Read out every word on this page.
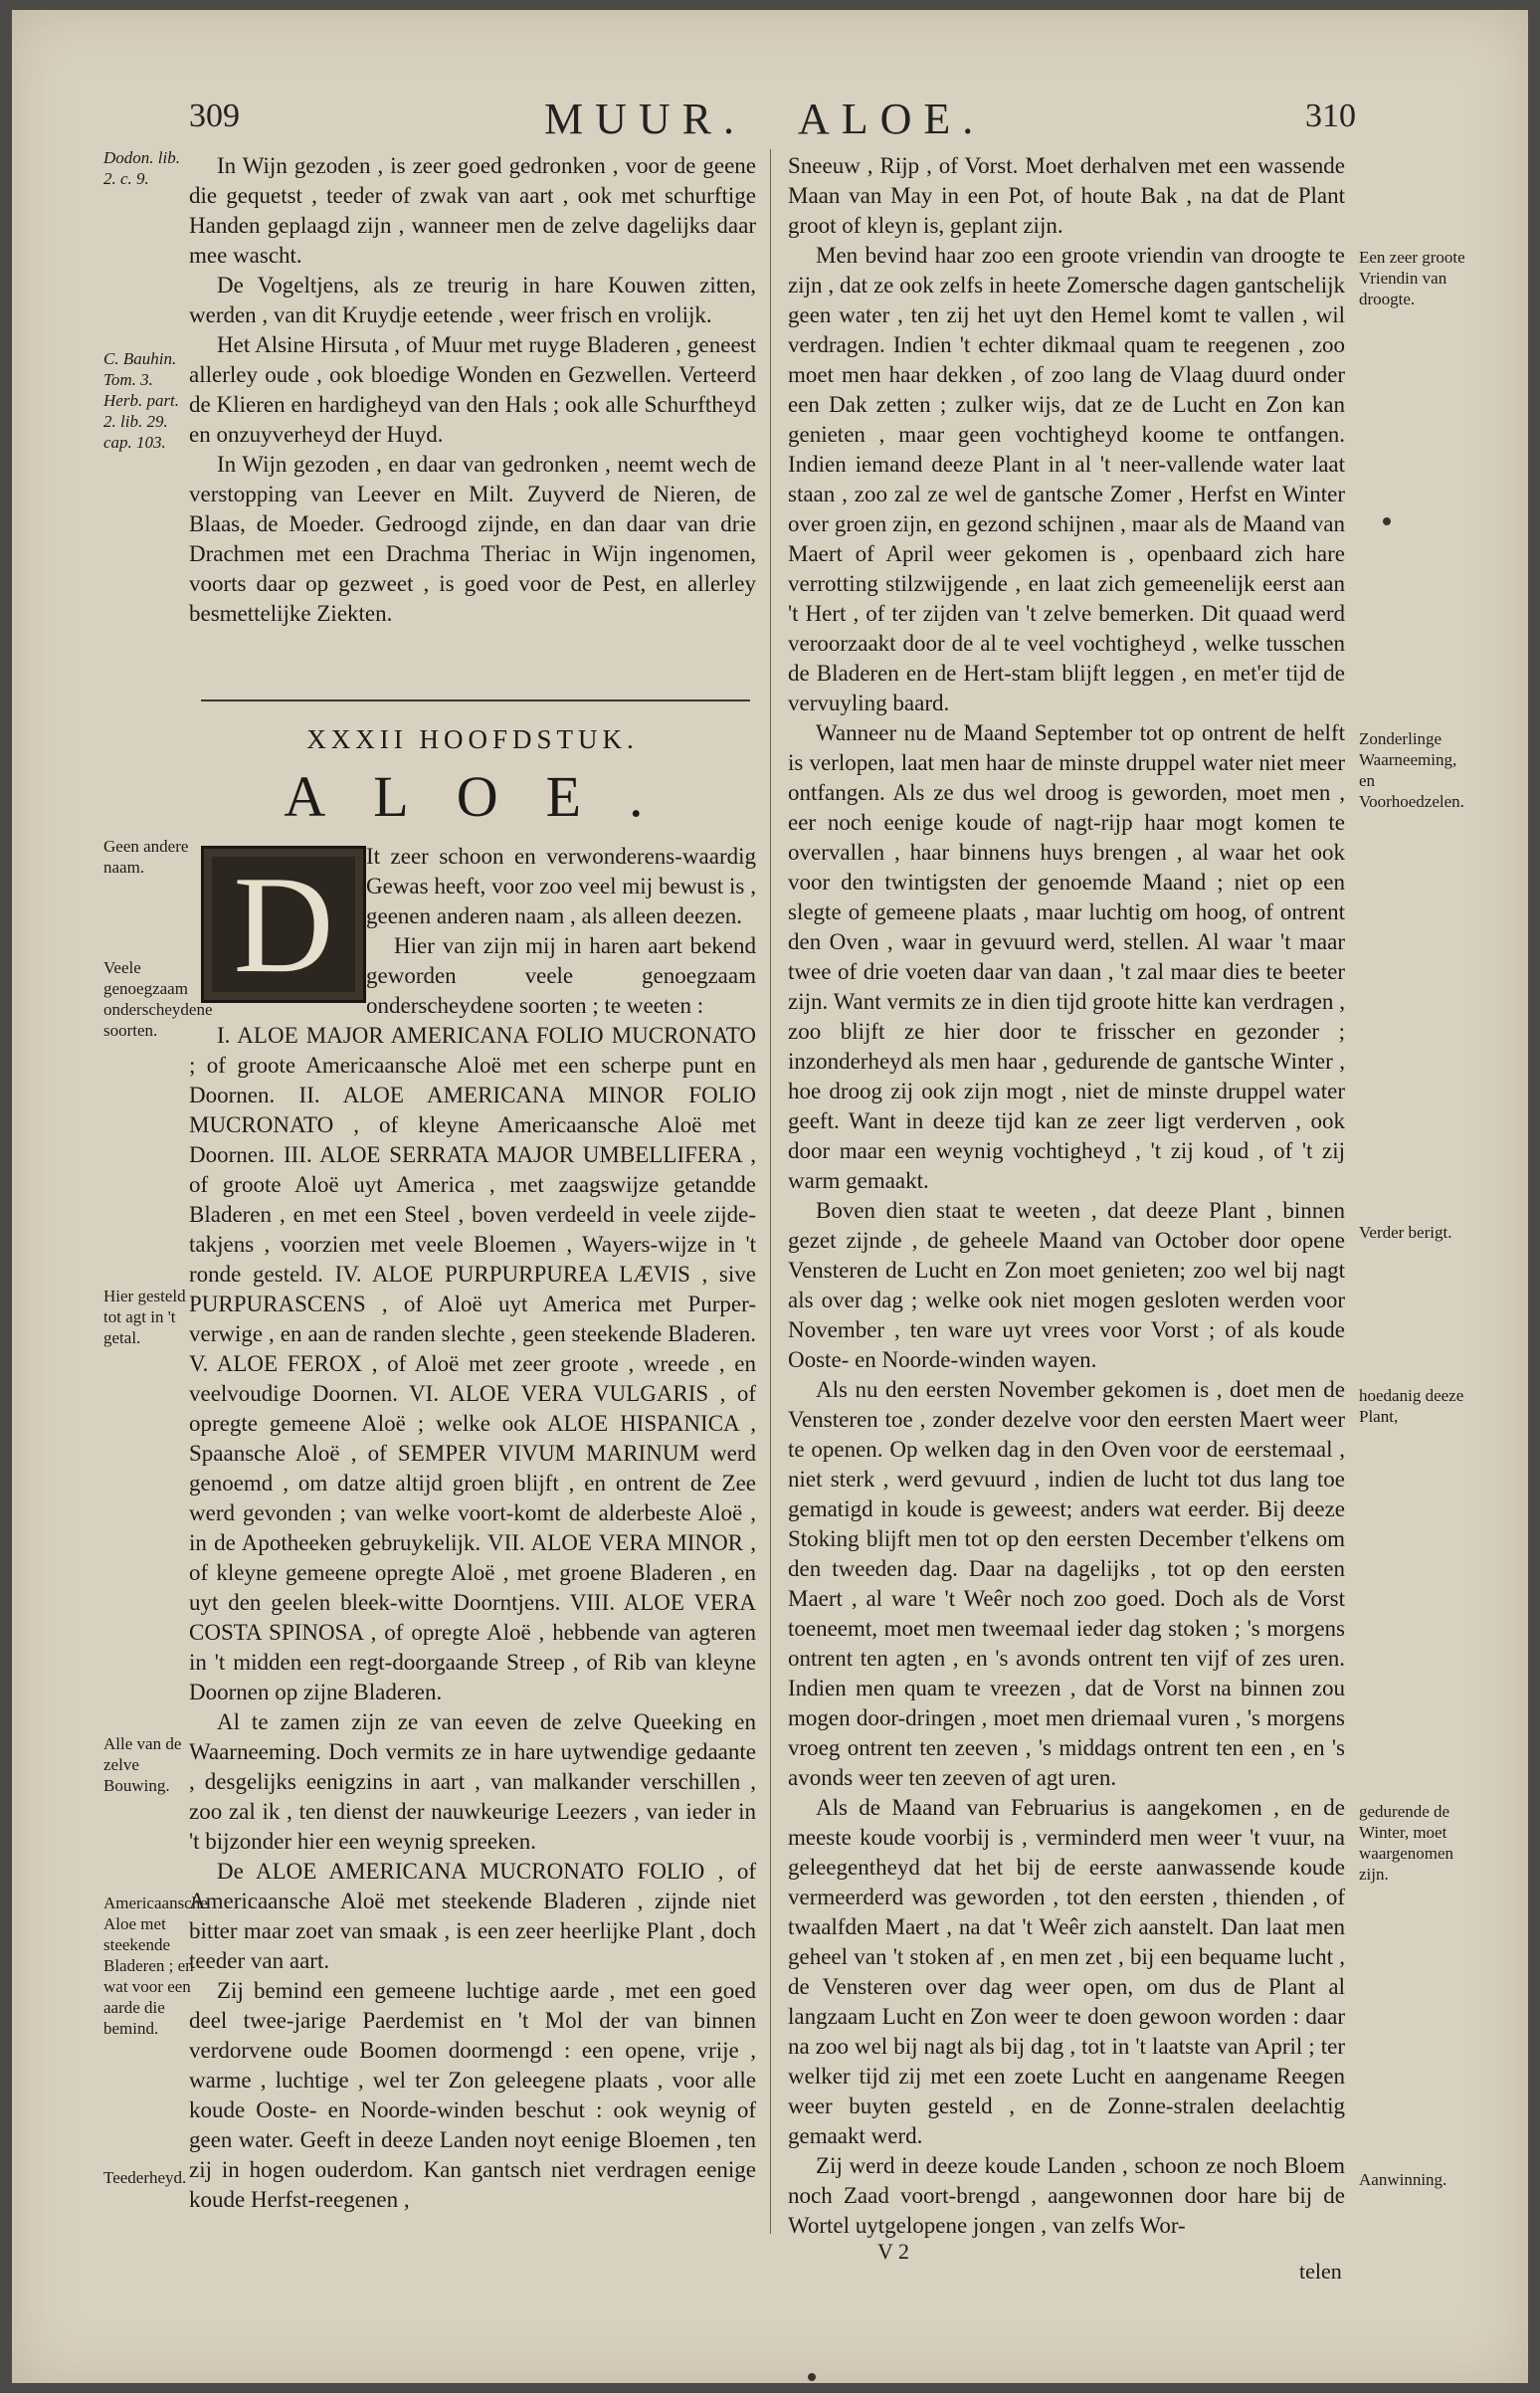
309	MUUR. ALOE.	310

In Wijn gezoden , is zeer goed gedronken , voor de geene die gequetst , teeder of zwak van aart , ook met schurftige Handen geplaagd zijn , wanneer men de zelve dagelijks daar mee wascht.

De Vogeltjens, als ze treurig in hare Kouwen zitten, werden , van dit Kruydje eetende , weer frisch en vrolijk.

Het Alsine Hirsuta , of Muur met ruyge Bladeren , geneest allerley oude , ook bloedige Wonden en Gezwellen. Verteerd de Klieren en hardigheyd van den Hals ; ook alle Schurftheyd en onzuyverheyd der Huyd.

In Wijn gezoden , en daar van gedronken , neemt wech de verstopping van Leever en Milt. Zuyverd de Nieren, de Blaas, de Moeder. Gedroogd zijnde, en dan daar van drie Drachmen met een Drachma Theriac in Wijn ingenomen, voorts daar op gezweet , is goed voor de Pest, en allerley besmettelijke Ziekten.

XXXII HOOFDSTUK.
ALOE.
D	It zeer schoon en verwonderens-waardig Gewas heeft, voor zoo veel mij bewust is , geenen anderen naam , als alleen deezen.

Hier van zijn mij in haren aart bekend geworden veele genoegzaam onderscheydene soorten ; te weeten :

I. ALOE MAJOR AMERICANA FOLIO MUCRONATO ; of groote Americaansche Aloë met een scherpe punt en Doornen. II. ALOE AMERICANA MINOR FOLIO MUCRONATO , of kleyne Americaansche Aloë met Doornen. III. ALOE SERRATA MAJOR UMBELLIFERA , of groote Aloë uyt America , met zaagswijze getandde Bladeren , en met een Steel , boven verdeeld in veele zijde-takjens , voorzien met veele Bloemen , Wayers-wijze in 't ronde gesteld. IV. ALOE PURPURPUREA LÆVIS , sive PURPURASCENS , of Aloë uyt America met Purper-verwige , en aan de randen slechte , geen steekende Bladeren. V. ALOE FEROX , of Aloë met zeer groote , wreede , en veelvoudige Doornen. VI. ALOE VERA VULGARIS , of opregte gemeene Aloë ; welke ook ALOE HISPANICA , Spaansche Aloë , of SEMPER VIVUM MARINUM werd genoemd , om datze altijd groen blijft , en ontrent de Zee werd gevonden ; van welke voort-komt de alderbeste Aloë , in de Apotheeken gebruykelijk. VII. ALOE VERA MINOR , of kleyne gemeene opregte Aloë , met groene Bladeren , en uyt den geelen bleek-witte Doorntjens. VIII. ALOE VERA COSTA SPINOSA , of opregte Aloë , hebbende van agteren in 't midden een regt-doorgaande Streep , of Rib van kleyne Doornen op zijne Bladeren.

Al te zamen zijn ze van eeven de zelve Queeking en Waarneeming. Doch vermits ze in hare uytwendige gedaante , desgelijks eenigzins in aart , van malkander verschillen , zoo zal ik , ten dienst der nauwkeurige Leezers , van ieder in 't bijzonder hier een weynig spreeken.

De ALOE AMERICANA MUCRONATO FOLIO , of Americaansche Aloë met steekende Bladeren , zijnde niet bitter maar zoet van smaak , is een zeer heerlijke Plant , doch teeder van aart.

Zij bemind een gemeene luchtige aarde , met een goed deel twee-jarige Paerdemist en 't Mol der van binnen verdorvene oude Boomen doormengd : een opene, vrije , warme , luchtige , wel ter Zon geleegene plaats , voor alle koude Ooste- en Noorde-winden beschut : ook weynig of geen water. Geeft in deeze Landen noyt eenige Bloemen , ten zij in hogen ouderdom. Kan gantsch niet verdragen eenige koude Herfst-reegenen ,

Sneeuw , Rijp , of Vorst. Moet derhalven met een wassende Maan van May in een Pot, of houte Bak , na dat de Plant groot of kleyn is, geplant zijn.

Men bevind haar zoo een groote vriendin van droogte te zijn , dat ze ook zelfs in heete Zomersche dagen gantschelijk geen water , ten zij het uyt den Hemel komt te vallen , wil verdragen. Indien 't echter dikmaal quam te reegenen , zoo moet men haar dekken , of zoo lang de Vlaag duurd onder een Dak zetten ; zulker wijs, dat ze de Lucht en Zon kan genieten , maar geen vochtigheyd koome te ontfangen. Indien iemand deeze Plant in al 't neer-vallende water laat staan , zoo zal ze wel de gantsche Zomer , Herfst en Winter over groen zijn, en gezond schijnen , maar als de Maand van Maert of April weer gekomen is , openbaard zich hare verrotting stilzwijgende , en laat zich gemeenelijk eerst aan 't Hert , of ter zijden van 't zelve bemerken. Dit quaad werd veroorzaakt door de al te veel vochtigheyd , welke tusschen de Bladeren en de Hert-stam blijft leggen , en met'er tijd de vervuyling baard.

Wanneer nu de Maand September tot op ontrent de helft is verlopen, laat men haar de minste druppel water niet meer ontfangen. Als ze dus wel droog is geworden, moet men , eer noch eenige koude of nagt-rijp haar mogt komen te overvallen , haar binnens huys brengen , al waar het ook voor den twintigsten der genoemde Maand ; niet op een slegte of gemeene plaats , maar luchtig om hoog, of ontrent den Oven , waar in gevuurd werd, stellen. Al waar 't maar twee of drie voeten daar van daan , 't zal maar dies te beeter zijn. Want vermits ze in dien tijd groote hitte kan verdragen , zoo blijft ze hier door te frisscher en gezonder ; inzonderheyd als men haar , gedurende de gantsche Winter , hoe droog zij ook zijn mogt , niet de minste druppel water geeft. Want in deeze tijd kan ze zeer ligt verderven , ook door maar een weynig vochtigheyd , 't zij koud , of 't zij warm gemaakt.

Boven dien staat te weeten , dat deeze Plant , binnen gezet zijnde , de geheele Maand van October door opene Vensteren de Lucht en Zon moet genieten; zoo wel bij nagt als over dag ; welke ook niet mogen gesloten werden voor November , ten ware uyt vrees voor Vorst ; of als koude Ooste- en Noorde-winden wayen.

Als nu den eersten November gekomen is , doet men de Vensteren toe , zonder dezelve voor den eersten Maert weer te openen. Op welken dag in den Oven voor de eerstemaal , niet sterk , werd gevuurd , indien de lucht tot dus lang toe gematigd in koude is geweest; anders wat eerder. Bij deeze Stoking blijft men tot op den eersten December t'elkens om den tweeden dag. Daar na dagelijks , tot op den eersten Maert , al ware 't Weêr noch zoo goed. Doch als de Vorst toeneemt, moet men tweemaal ieder dag stoken ; 's morgens ontrent ten agten , en 's avonds ontrent ten vijf of zes uren. Indien men quam te vreezen , dat de Vorst na binnen zou mogen door-dringen , moet men driemaal vuren , 's morgens vroeg ontrent ten zeeven , 's middags ontrent ten een , en 's avonds weer ten zeeven of agt uren.

Als de Maand van Februarius is aangekomen , en de meeste koude voorbij is , verminderd men weer 't vuur, na geleegentheyd dat het bij de eerste aanwassende koude vermeerderd was geworden , tot den eersten , thienden , of twaalfden Maert , na dat 't Weêr zich aanstelt. Dan laat men geheel van 't stoken af , en men zet , bij een bequame lucht , de Vensteren over dag weer open, om dus de Plant al langzaam Lucht en Zon weer te doen gewoon worden : daar na zoo wel bij nagt als bij dag , tot in 't laatste van April ; ter welker tijd zij met een zoete Lucht en aangename Reegen weer buyten gesteld , en de Zonne-stralen deelachtig gemaakt werd.

Zij werd in deeze koude Landen , schoon ze noch Bloem noch Zaad voort-brengd , aangewonnen door hare bij de Wortel uytgelopene jongen , van zelfs Wor-

V 2
telen
Dodon. lib. 2. c. 9.
C. Bauhin. Tom. 3. Herb. part. 2. lib. 29. cap. 103.
Geen andere naam.
Veele genoegzaam onderscheydene soorten.
Hier gesteld tot agt in 't getal.
Alle van de zelve Bouwing.
Americaansche Aloe met steekende Bladeren ; en wat voor een aarde die bemind.
Teederheyd.
Een zeer groote Vriendin van droogte.
Zonderlinge Waarneeming, en Voorhoedzelen.
Verder berigt.
hoedanig deeze Plant,
gedurende de Winter, moet waargenomen zijn.
Aanwinning.
